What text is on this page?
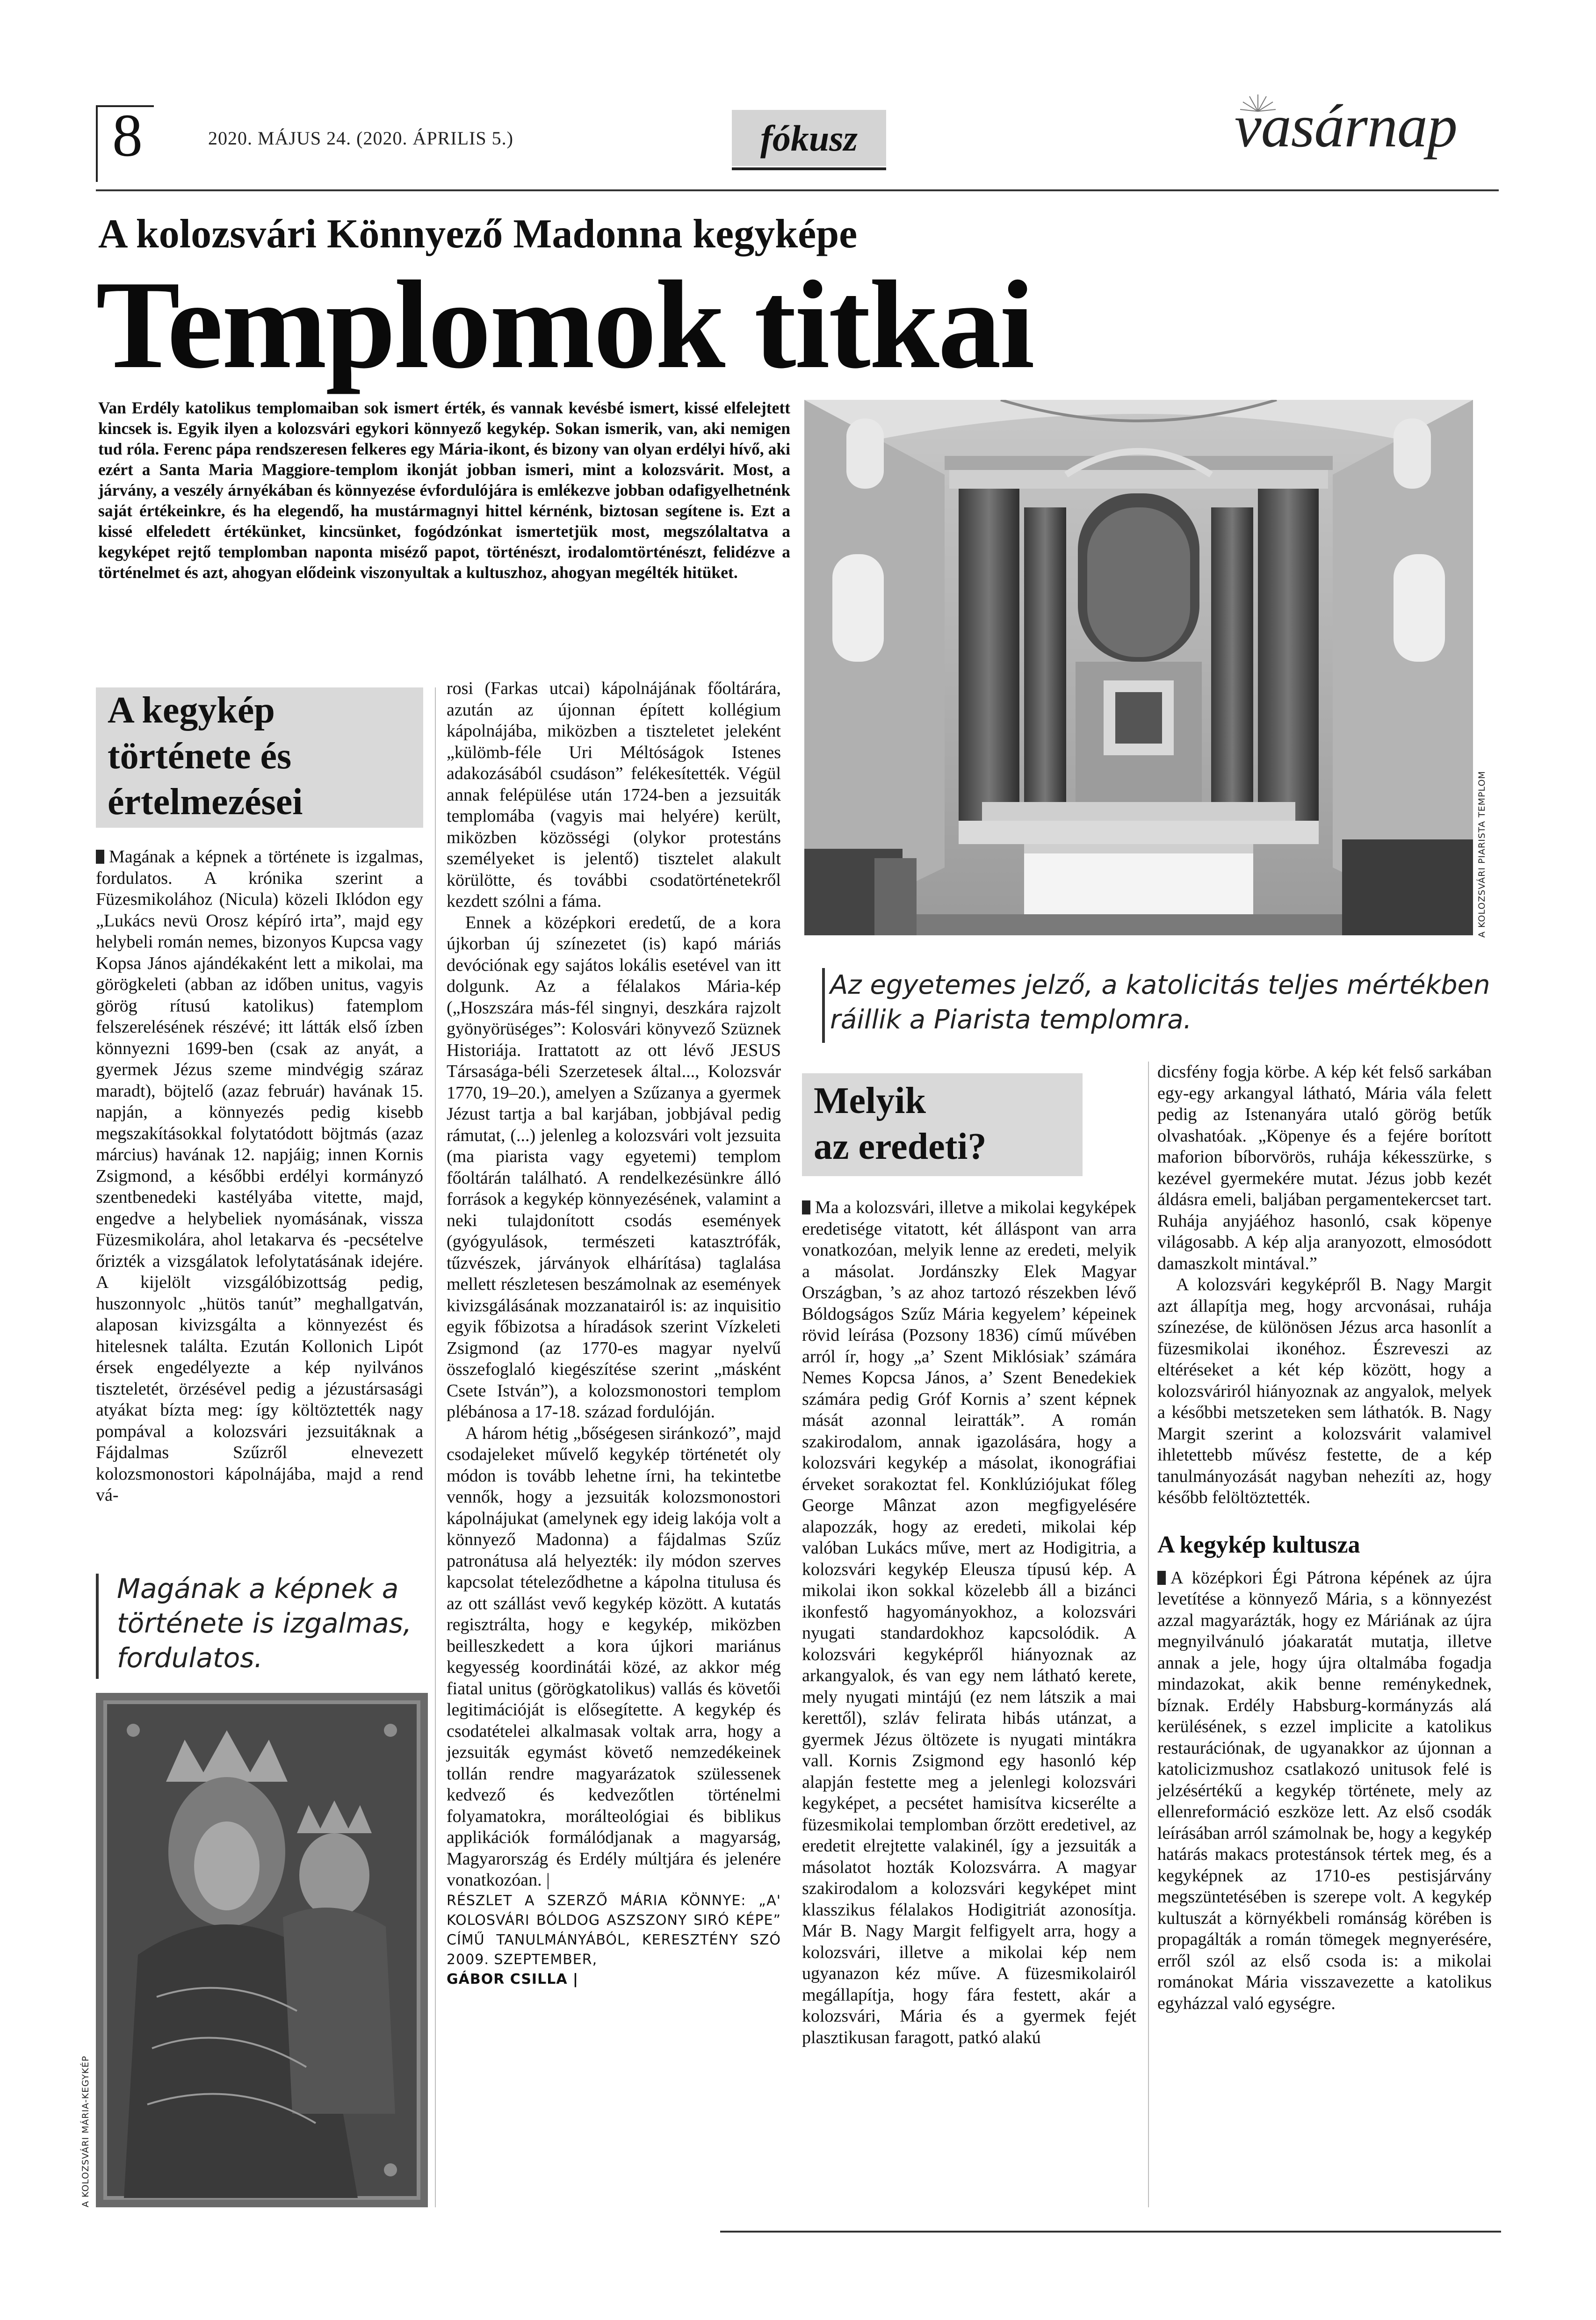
8	2020. MÁJUS 24. (2020. ÁPRILIS 5.)	fókusz	vasárnap
A kolozsvári Könnyező Madonna kegyképe
Templomok titkai
Van Erdély katolikus templomaiban sok ismert érték, és vannak kevésbé ismert, kissé elfelejtett kincsek is. Egyik ilyen a kolozsvári egykori könnyező kegykép. Sokan ismerik, van, aki nemigen tud róla. Ferenc pápa rendszeresen felkeres egy Mária-ikont, és bizony van olyan erdélyi hívő, aki ezért a Santa Maria Maggiore-templom ikonját jobban ismeri, mint a kolozsvárit. Most, a járvány, a veszély árnyékában és könnyezése évfordulójára is emlékezve jobban odafigyelhetnénk saját értékeinkre, és ha elegendő, ha mustármagnyi hittel kérnénk, biztosan segítene is. Ezt a kissé elfeledett értékünket, kincsünket, fogódzónkat ismertetjük most, megszólaltatva a kegyképet rejtő templomban naponta miséző papot, történészt, irodalomtörténészt, felidézve a történelmet és azt, ahogyan elődeink viszonyultak a kultuszhoz, ahogyan megélték hitüket.
A KOLOZSVÁRI PIARISTA TEMPLOM
Az egyetemes jelző, a katolicitás teljes mértékben ráillik a Piarista templomra.
A kegykép
története és
értelmezései

Magának a képnek a története is izgalmas, fordulatos. A krónika szerint a Füzesmikolához (Nicula) közeli Iklódon egy „Lukács nevü Orosz képíró irta”, majd egy helybeli román nemes, bizonyos Kupcsa vagy Kopsa János ajándékaként lett a mikolai, ma görögkeleti (abban az időben unitus, vagyis görög rítusú katolikus) fatemplom felszerelésének részévé; itt látták első ízben könnyezni 1699-ben (csak az anyát, a gyermek Jézus szeme mindvégig száraz maradt), böjtelő (azaz február) havának 15. napján, a könnyezés pedig kisebb megszakításokkal folytatódott böjtmás (azaz március) havának 12. napjáig; innen Kornis Zsigmond, a későbbi erdélyi kormányzó szentbenedeki kastélyába vitette, majd, engedve a helybeliek nyomásának, vissza Füzesmikolára, ahol letakarva és -pecsételve őrizték a vizsgálatok lefolytatásának idejére. A kijelölt vizsgálóbizottság pedig, huszonnyolc „hütös tanút” meghallgatván, alaposan kivizsgálta a könnyezést és hitelesnek találta. Ezután Kollonich Lipót érsek engedélyezte a kép nyilvános tiszteletét, örzésével pedig a jézustársasági atyákat bízta meg: így költöztették nagy pompával a kolozsvári jezsuitáknak a Fájdalmas Szűzről elnevezett kolozsmonostori kápolnájába, majd a rend vá-

Magának a képnek a története is izgalmas, fordulatos.
A KOLOZSVÁRI MÁRIA-KEGYKÉP

rosi (Farkas utcai) kápolnájának főoltárára, azután az újonnan épített kollégium kápolnájába, miközben a tiszteletet jeleként „külömb-féle Uri Méltóságok Istenes adakozásából csudáson” felékesítették. Végül annak felépülése után 1724-ben a jezsuiták templomába (vagyis mai helyére) került, miközben közösségi (olykor protestáns személyeket is jelentő) tisztelet alakult körülötte, és további csodatörténetekről kezdett szólni a fáma.

Ennek a középkori eredetű, de a kora újkorban új színezetet (is) kapó máriás devóciónak egy sajátos lokális esetével van itt dolgunk. Az a félalakos Mária-kép („Hoszszára más-fél singnyi, deszkára rajzolt gyönyörüséges”: Kolosvári könyvező Szüznek Historiája. Irattatott az ott lévő JESUS Társasága-béli Szerzetesek által..., Kolozsvár 1770, 19–20.), amelyen a Szűzanya a gyermek Jézust tartja a bal karjában, jobbjával pedig rámutat, (...) jelenleg a kolozsvári volt jezsuita (ma piarista vagy egyetemi) templom főoltárán található. A rendelkezésünkre álló források a kegykép könnyezésének, valamint a neki tulajdonított csodás események (gyógyulások, természeti katasztrófák, tűzvészek, járványok elhárítása) taglalása mellett részletesen beszámolnak az események kivizsgálásának mozzanatairól is: az inquisitio egyik főbizotsa a híradások szerint Vízkeleti Zsigmond (az 1770-es magyar nyelvű összefoglaló kiegészítése szerint „másként Csete István”), a kolozsmonostori templom plébánosa a 17-18. század fordulóján.

A három hétig „bőségesen siránkozó”, majd csodajeleket művelő kegykép történetét oly módon is tovább lehetne írni, ha tekintetbe vennők, hogy a jezsuiták kolozsmonostori kápolnájukat (amelynek egy ideig lakója volt a könnyező Madonna) a fájdalmas Szűz patronátusa alá helyezték: ily módon szerves kapcsolat tételeződhetne a kápolna titulusa és az ott szállást vevő kegykép között. A kutatás regisztrálta, hogy e kegykép, miközben beilleszkedett a kora újkori mariánus kegyesség koordinátái közé, az akkor még fiatal unitus (görögkatolikus) vallás és követői legitimációját is elősegítette. A kegykép és csodatételei alkalmasak voltak arra, hogy a jezsuiták egymást követő nemzedékeinek tollán rendre magyarázatok szülessenek kedvező és kedvezőtlen történelmi folyamatokra, morálteológiai és biblikus applikációk formálódjanak a magyarság, Magyarország és Erdély múltjára és jelenére vonatkozóan. |

RÉSZLET A SZERZŐ MÁRIA KÖNNYE: „A' KOLOSVÁRI BÓLDOG ASZSZONY SIRÓ KÉPE” CÍMŰ TANULMÁNYÁBÓL, KERESZTÉNY SZÓ 2009. SZEPTEMBER,
GÁBOR CSILLA |
Melyik
az eredeti?

Ma a kolozsvári, illetve a mikolai kegyképek eredetisége vitatott, két álláspont van arra vonatkozóan, melyik lenne az eredeti, melyik a másolat. Jordánszky Elek Magyar Országban, ’s az ahoz tartozó részekben lévő Bóldogságos Szűz Mária kegyelem’ képeinek rövid leírása (Pozsony 1836) című művében arról ír, hogy „a’ Szent Miklósiak’ számára Nemes Kopcsa János, a’ Szent Benedekiek számára pedig Gróf Kornis a’ szent képnek mását azonnal leiratták”. A román szakirodalom, annak igazolására, hogy a kolozsvári kegykép a másolat, ikonográfiai érveket sorakoztat fel. Konklúziójukat főleg George Mânzat azon megfigyelésére alapozzák, hogy az eredeti, mikolai kép valóban Lukács műve, mert az Hodigitria, a kolozsvári kegykép Eleusza típusú kép. A mikolai ikon sokkal közelebb áll a bizánci ikonfestő hagyományokhoz, a kolozsvári nyugati standardokhoz kapcsolódik. A kolozsvári kegyképről hiányoznak az arkangyalok, és van egy nem látható keretе, mely nyugati mintájú (ez nem látszik a mai kerettől), szláv felirata hibás utánzat, a gyermek Jézus öltözete is nyugati mintákra vall. Kornis Zsigmond egy hasonló kép alapján festette meg a jelenlegi kolozsvári kegyképet, a pecsétet hamisítva kicserélte a füzesmikolai templomban őrzött eredetivel, az eredetit elrejtette valakinél, így a jezsuiták a másolatot hozták Kolozsvárra. A magyar szakirodalom a kolozsvári kegyképet mint klasszikus félalakos Hodigitriát azonosítja. Már B. Nagy Margit felfigyelt arra, hogy a kolozsvári, illetve a mikolai kép nem ugyanazon kéz műve. A füzesmikolairól megállapítja, hogy fára festett, akár a kolozsvári, Mária és a gyermek fejét plasztikusan faragott, patkó alakú

dicsfény fogja körbe. A kép két felső sarkában egy-egy arkangyal látható, Mária vála felett pedig az Istenanyára utaló görög betűk olvashatóak. „Köpenye és a fejére borított maforion bíborvörös, ruhája kékesszürke, s kezével gyermekére mutat. Jézus jobb kezét áldásra emeli, baljában pergamentekercset tart. Ruhája anyjáéhoz hasonló, csak köpenye világosabb. A kép alja aranyozott, elmosódott damaszkolt mintával.”

A kolozsvári kegyképről B. Nagy Margit azt állapítja meg, hogy arcvonásai, ruhája színezése, de különösen Jézus arca hasonlít a füzesmikolai ikonéhoz. Észreveszi az eltéréseket a két kép között, hogy a kolozsváriról hiányoznak az angyalok, melyek a későbbi metszeteken sem láthatók. B. Nagy Margit szerint a kolozsvárit valamivel ihletettebb művész festette, de a kép tanulmányozását nagyban nehezíti az, hogy később felöltöztették.

A kegykép kultusza

A középkori Égi Pátrona képének az újra levetítése a könnyező Mária, s a könnyezést azzal magyarázták, hogy ez Máriának az újra megnyilvánuló jóakaratát mutatja, illetve annak a jele, hogy újra oltalmába fogadja mindazokat, akik benne reménykednek, bíznak. Erdély Habsburg-kormányzás alá kerülésének, s ezzel implicite a katolikus restaurációnak, de ugyanakkor az újonnan a katolicizmushoz csatlakozó unitusok felé is jelzésértékű a kegykép története, mely az ellenreformáció eszköze lett. Az első csodák leírásában arról számolnak be, hogy a kegykép határás makacs protestánsok tértek meg, és a kegyképnek az 1710-es pestisjárvány megszüntetésében is szerepe volt. A kegykép kultuszát a környékbeli románság körében is propagálták a román tömegek megnyerésére, erről szól az első csoda is: a mikolai románokat Mária visszavezette a katolikus egyházzal való egységre.
